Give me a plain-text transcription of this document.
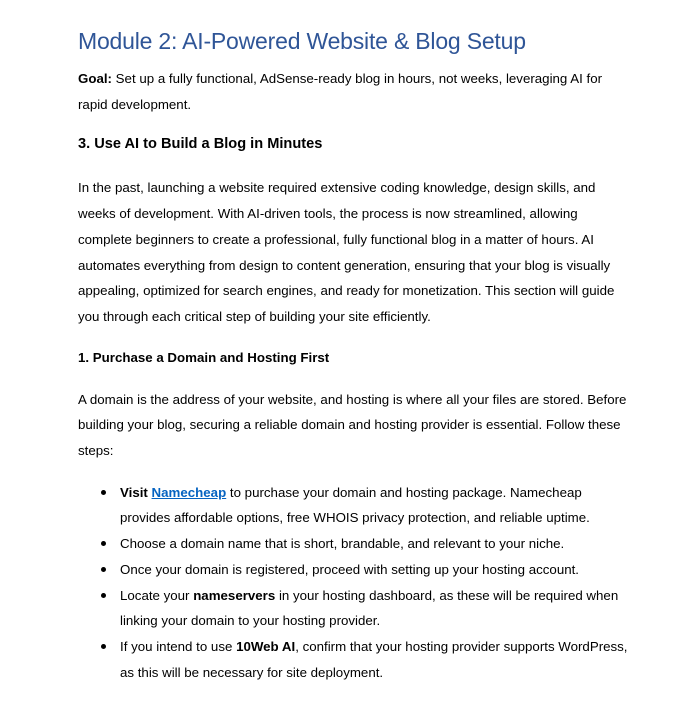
Module 2: AI-Powered Website & Blog Setup

Goal: Set up a fully functional, AdSense-ready blog in hours, not weeks, leveraging AI for rapid development.

3. Use AI to Build a Blog in Minutes

In the past, launching a website required extensive coding knowledge, design skills, and weeks of development. With AI-driven tools, the process is now streamlined, allowing complete beginners to create a professional, fully functional blog in a matter of hours. AI automates everything from design to content generation, ensuring that your blog is visually appealing, optimized for search engines, and ready for monetization. This section will guide you through each critical step of building your site efficiently.

1. Purchase a Domain and Hosting First

A domain is the address of your website, and hosting is where all your files are stored. Before building your blog, securing a reliable domain and hosting provider is essential. Follow these steps:

Visit Namecheap to purchase your domain and hosting package. Namecheap provides affordable options, free WHOIS privacy protection, and reliable uptime.
Choose a domain name that is short, brandable, and relevant to your niche.
Once your domain is registered, proceed with setting up your hosting account.
Locate your nameservers in your hosting dashboard, as these will be required when linking your domain to your hosting provider.
If you intend to use 10Web AI, confirm that your hosting provider supports WordPress, as this will be necessary for site deployment.
